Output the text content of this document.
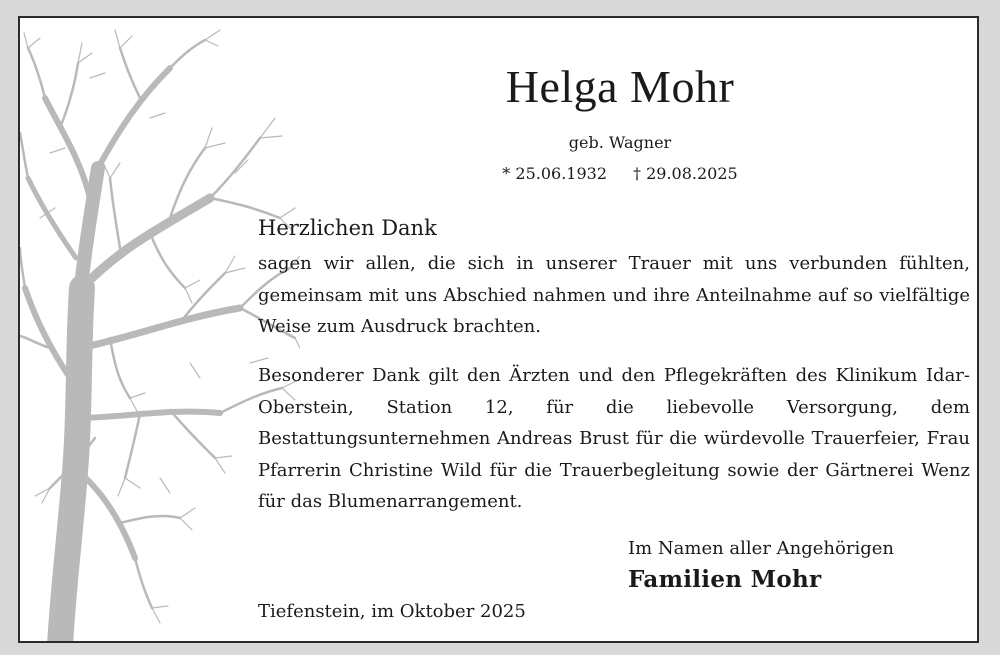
Helga Mohr
geb. Wagner
* 25.06.1932 † 29.08.2025
Herzlichen Dank
sagen wir allen, die sich in unserer Trauer mit uns verbunden fühlten, gemeinsam mit uns Abschied nahmen und ihre Anteilnahme auf so vielfältige Weise zum Ausdruck brachten.
Besonderer Dank gilt den Ärzten und den Pflegekräften des Klinikum Idar-Oberstein, Station 12, für die liebevolle Versorgung, dem Bestattungsunternehmen Andreas Brust für die würdevolle Trauerfeier, Frau Pfarrerin Christine Wild für die Trauerbegleitung sowie der Gärtnerei Wenz für das Blumenarrangement.
Im Namen aller Angehörigen
Familien Mohr
Tiefenstein, im Oktober 2025
